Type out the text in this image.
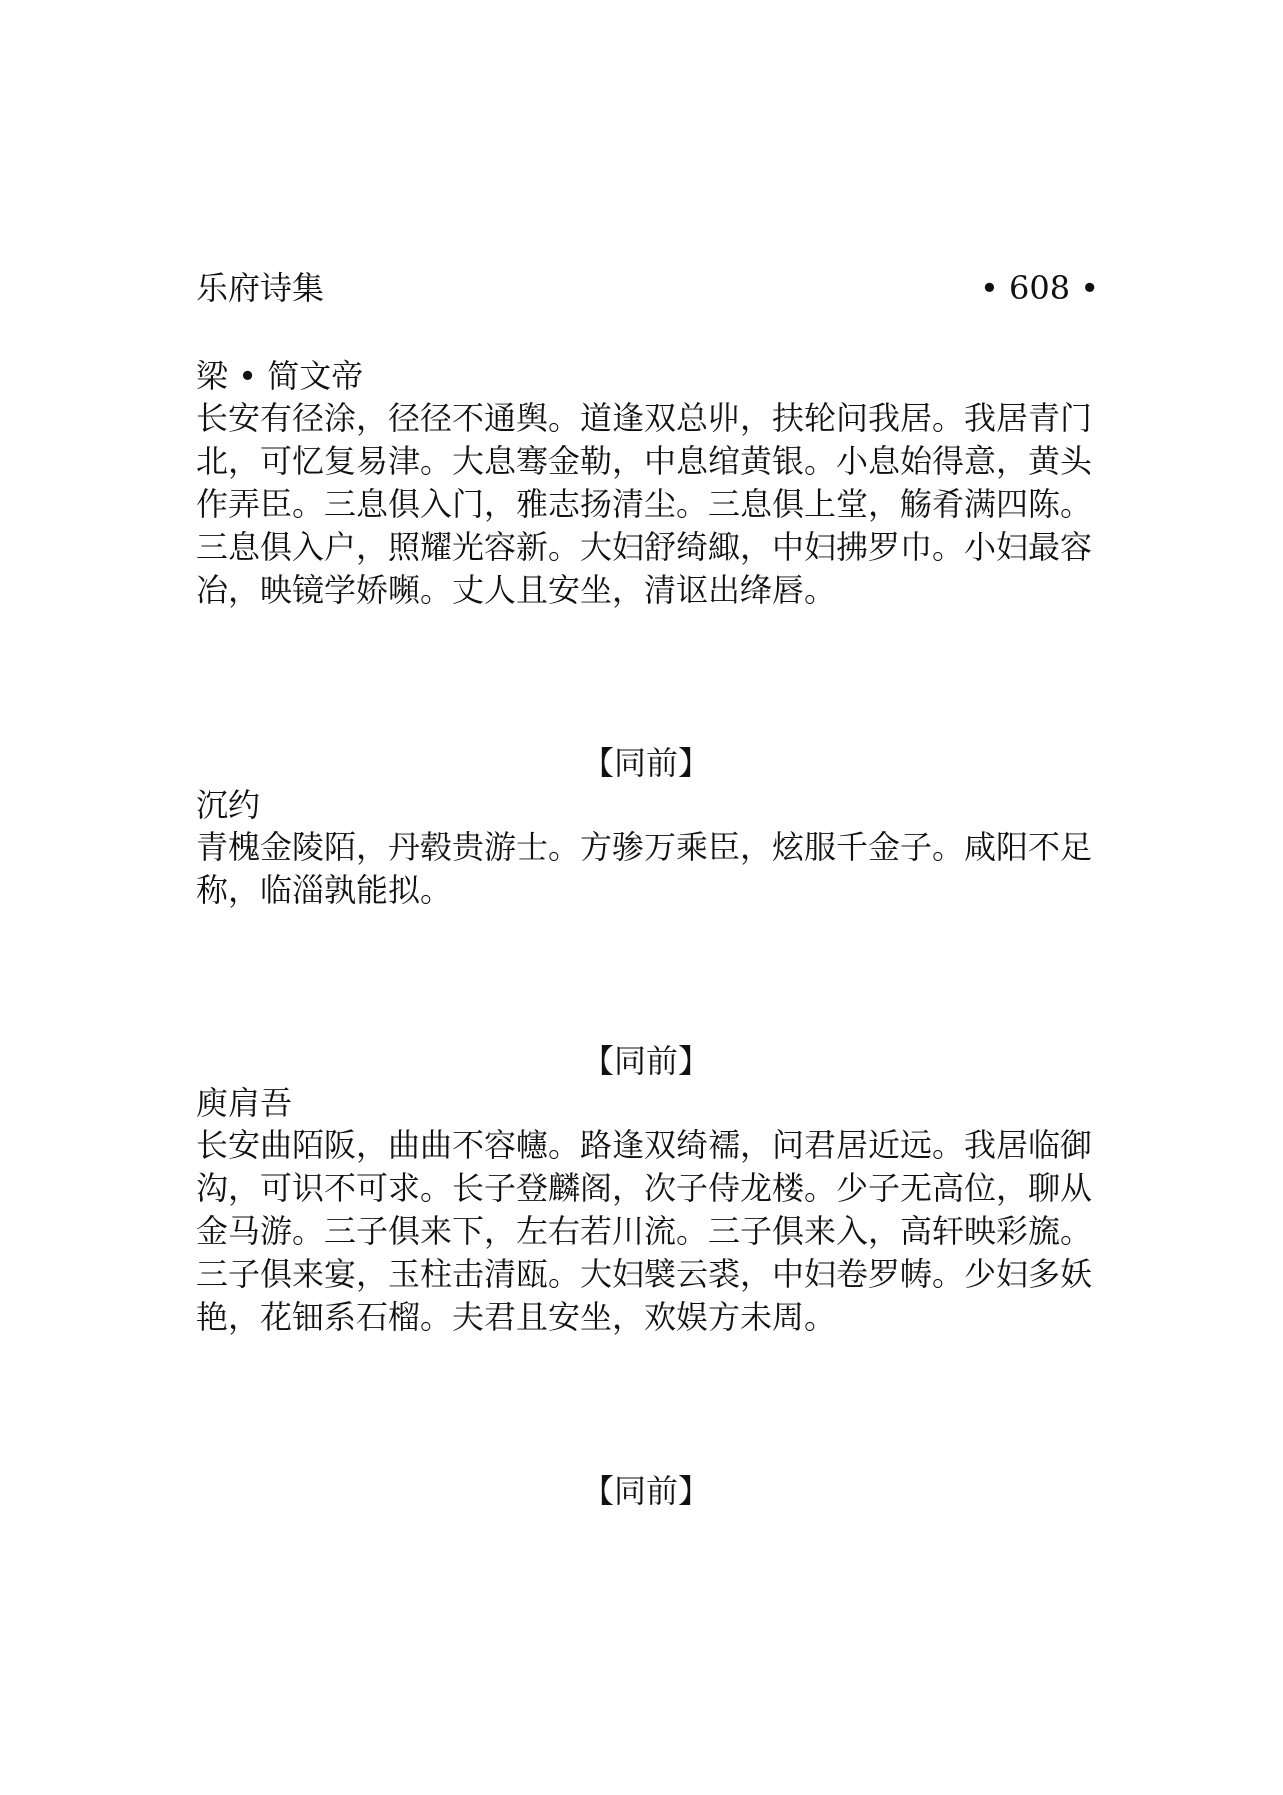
乐府诗集	• 608 •
梁 • 简文帝

长安有径涂，径径不通舆。道逢双总丱，扶轮问我居。我居青门北，可忆复易津。大息骞金勒，中息绾黄银。小息始得意，黄头作弄臣。三息俱入门，雅志扬清尘。三息俱上堂，觞肴满四陈。三息俱入户，照耀光容新。大妇舒绮緅，中妇拂罗巾。小妇最容冶，映镜学娇嚬。丈人且安坐，清讴出绛唇。

【同前】
沉约

青槐金陵陌，丹毂贵游士。方骖万乘臣，炫服千金子。咸阳不足称，临淄孰能拟。

【同前】
庾肩吾

长安曲陌阪，曲曲不容幰。路逢双绮襦，问君居近远。我居临御沟，可识不可求。长子登麟阁，次子侍龙楼。少子无高位，聊从金马游。三子俱来下，左右若川流。三子俱来入，高轩映彩旒。三子俱来宴，玉柱击清瓯。大妇襞云裘，中妇卷罗帱。少妇多妖艳，花钿系石榴。夫君且安坐，欢娱方未周。

【同前】
